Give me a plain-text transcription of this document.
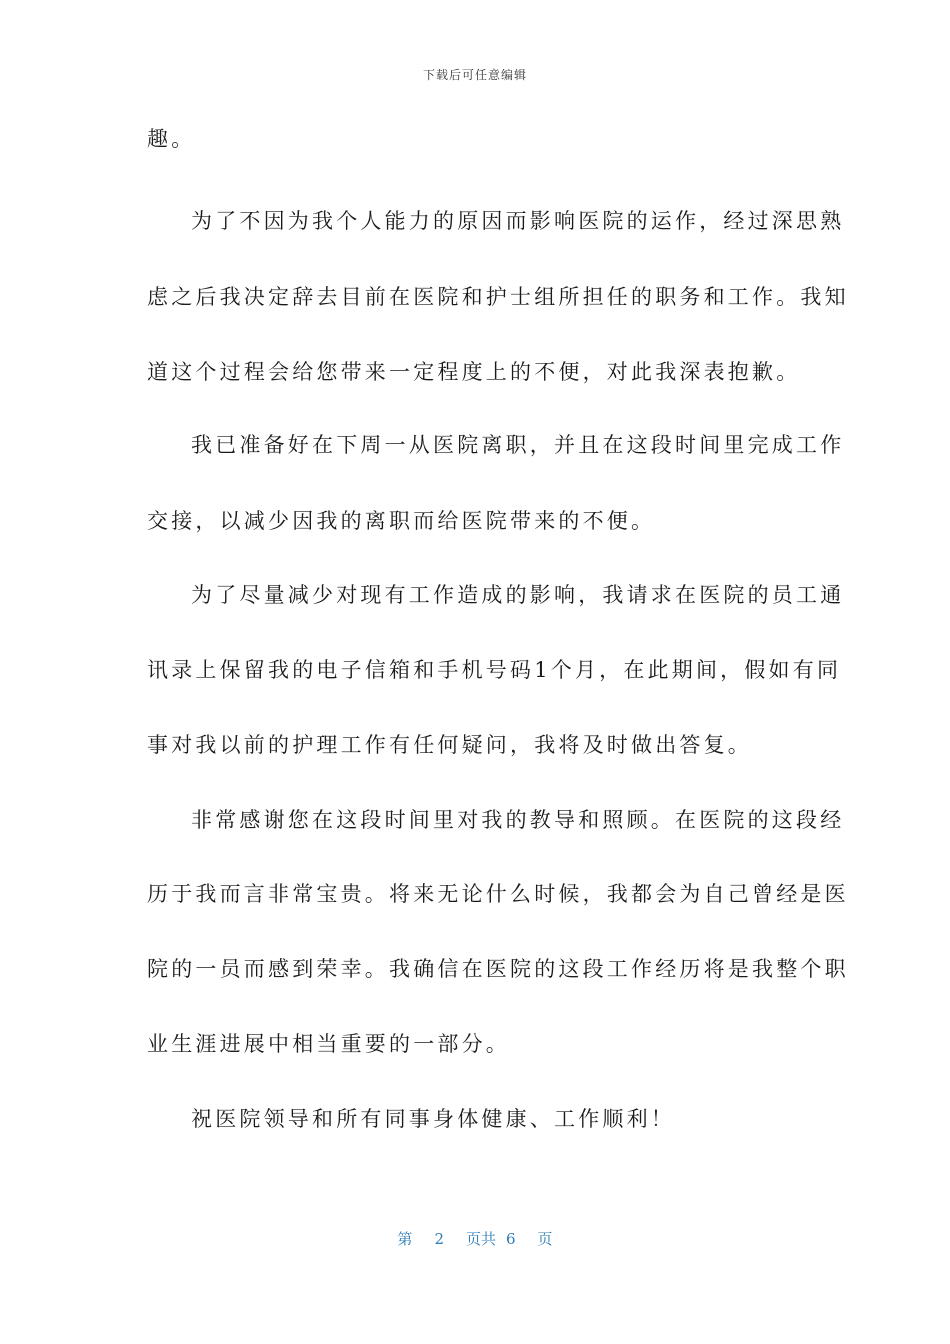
下载后可任意编辑
趣。
为了不因为我个人能力的原因而影响医院的运作，经过深思熟
虑之后我决定辞去目前在医院和护士组所担任的职务和工作。我知
道这个过程会给您带来一定程度上的不便，对此我深表抱歉。
我已准备好在下周一从医院离职，并且在这段时间里完成工作
交接，以减少因我的离职而给医院带来的不便。
为了尽量减少对现有工作造成的影响，我请求在医院的员工通
讯录上保留我的电子信箱和手机号码1个月，在此期间，假如有同
事对我以前的护理工作有任何疑问，我将及时做出答复。
非常感谢您在这段时间里对我的教导和照顾。在医院的这段经
历于我而言非常宝贵。将来无论什么时候，我都会为自己曾经是医
院的一员而感到荣幸。我确信在医院的这段工作经历将是我整个职
业生涯进展中相当重要的一部分。
祝医院领导和所有同事身体健康、工作顺利！
第 2 页共 6 页
